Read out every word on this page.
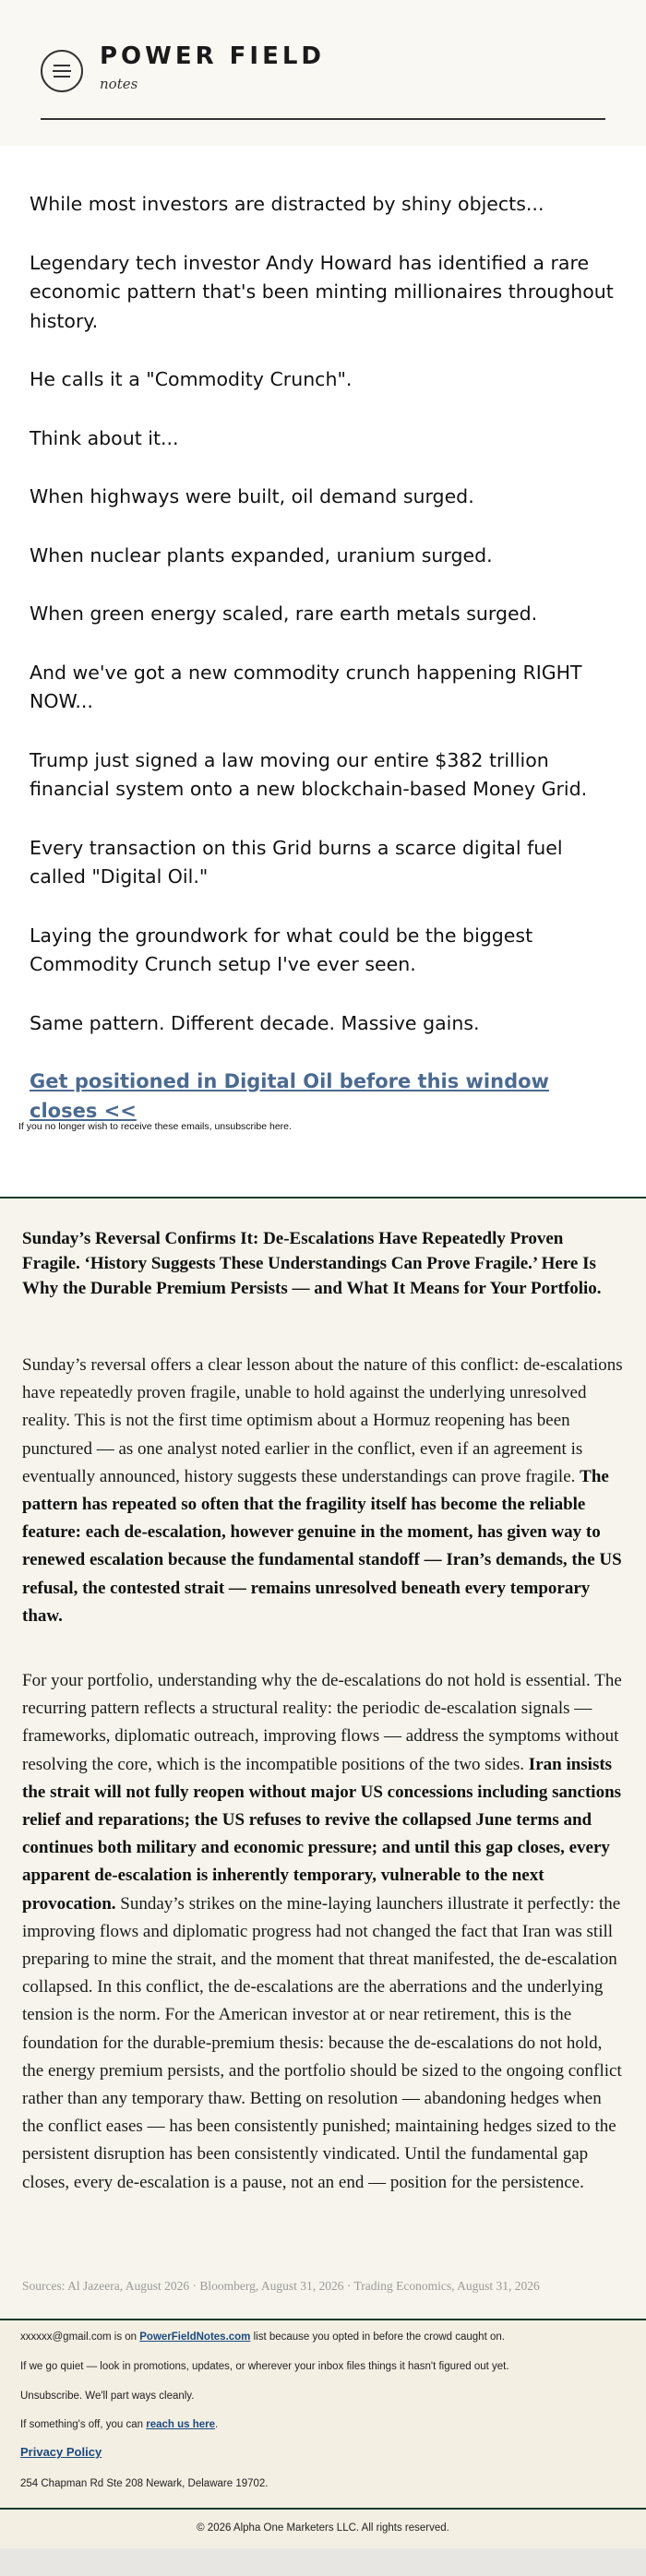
POWER FIELD
notes

While most investors are distracted by shiny objects...

Legendary tech investor Andy Howard has identified a rare economic pattern that's been minting millionaires throughout history.

He calls it a "Commodity Crunch".

Think about it...

When highways were built, oil demand surged.

When nuclear plants expanded, uranium surged.

When green energy scaled, rare earth metals surged.

And we've got a new commodity crunch happening RIGHT NOW...

Trump just signed a law moving our entire $382 trillion financial system onto a new blockchain-based Money Grid.

Every transaction on this Grid burns a scarce digital fuel called "Digital Oil."

Laying the groundwork for what could be the biggest Commodity Crunch setup I've ever seen.

Same pattern. Different decade. Massive gains.

Get positioned in Digital Oil before this window closes <<

If you no longer wish to receive these emails, unsubscribe here.
Sunday’s Reversal Confirms It: De-Escalations Have Repeatedly Proven Fragile. ‘History Suggests These Understandings Can Prove Fragile.’ Here Is Why the Durable Premium Persists — and What It Means for Your Portfolio.

Sunday’s reversal offers a clear lesson about the nature of this conflict: de-escalations have repeatedly proven fragile, unable to hold against the underlying unresolved reality. This is not the first time optimism about a Hormuz reopening has been punctured — as one analyst noted earlier in the conflict, even if an agreement is eventually announced, history suggests these understandings can prove fragile. The pattern has repeated so often that the fragility itself has become the reliable feature: each de-escalation, however genuine in the moment, has given way to renewed escalation because the fundamental standoff — Iran’s demands, the US refusal, the contested strait — remains unresolved beneath every temporary thaw.

For your portfolio, understanding why the de-escalations do not hold is essential. The recurring pattern reflects a structural reality: the periodic de-escalation signals — frameworks, diplomatic outreach, improving flows — address the symptoms without resolving the core, which is the incompatible positions of the two sides. Iran insists the strait will not fully reopen without major US concessions including sanctions relief and reparations; the US refuses to revive the collapsed June terms and continues both military and economic pressure; and until this gap closes, every apparent de-escalation is inherently temporary, vulnerable to the next provocation. Sunday’s strikes on the mine-laying launchers illustrate it perfectly: the improving flows and diplomatic progress had not changed the fact that Iran was still preparing to mine the strait, and the moment that threat manifested, the de-escalation collapsed. In this conflict, the de-escalations are the aberrations and the underlying tension is the norm. For the American investor at or near retirement, this is the foundation for the durable-premium thesis: because the de-escalations do not hold, the energy premium persists, and the portfolio should be sized to the ongoing conflict rather than any temporary thaw. Betting on resolution — abandoning hedges when the conflict eases — has been consistently punished; maintaining hedges sized to the persistent disruption has been consistently vindicated. Until the fundamental gap closes, every de-escalation is a pause, not an end — position for the persistence.

Sources: Al Jazeera, August 2026 · Bloomberg, August 31, 2026 · Trading Economics, August 31, 2026
xxxxxx@gmail.com is on PowerFieldNotes.com list because you opted in before the crowd caught on.
If we go quiet — look in promotions, updates, or wherever your inbox files things it hasn't figured out yet.
Unsubscribe. We'll part ways cleanly.
If something's off, you can reach us here.
Privacy Policy
254 Chapman Rd Ste 208 Newark, Delaware 19702.
© 2026 Alpha One Marketers LLC. All rights reserved.
